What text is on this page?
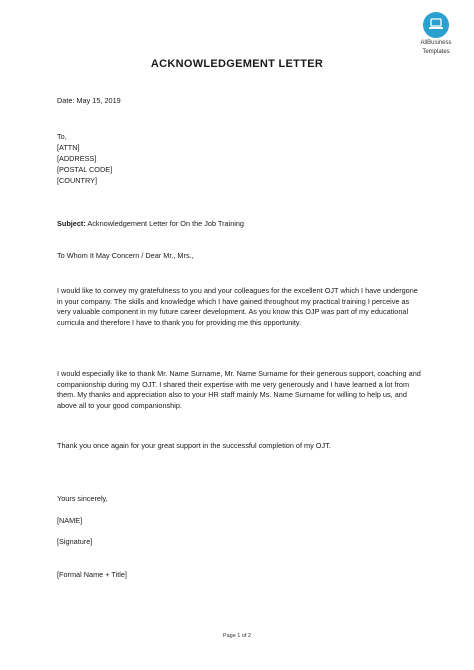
AllBusiness
Templates
ACKNOWLEDGEMENT LETTER
Date: May 15, 2019
To,
[ATTN]
[ADDRESS]
[POSTAL CODE]
[COUNTRY]
Subject: Acknowledgement Letter for On the Job Training
To Whom It May Concern / Dear Mr., Mrs.,
I would like to convey my gratefulness to you and your colleagues for the excellent OJT which I have undergone in your company. The skills and knowledge which I have gained throughout my practical training I perceive as very valuable component in my future career development. As you know this OJP was part of my educational curricula and therefore I have to thank you for providing me this opportunity.
I would especially like to thank Mr. Name Surname, Mr. Name Surname for their generous support, coaching and companionship during my OJT. I shared their expertise with me very generously and I have learned a lot from them. My thanks and appreciation also to your HR staff mainly Ms. Name Surname for willing to help us, and above all to your good companionship.
Thank you once again for your great support in the successful completion of my OJT.
Yours sincerely,
[NAME]
[Signature]
[Formal Name + Title]
Page 1 of 2
